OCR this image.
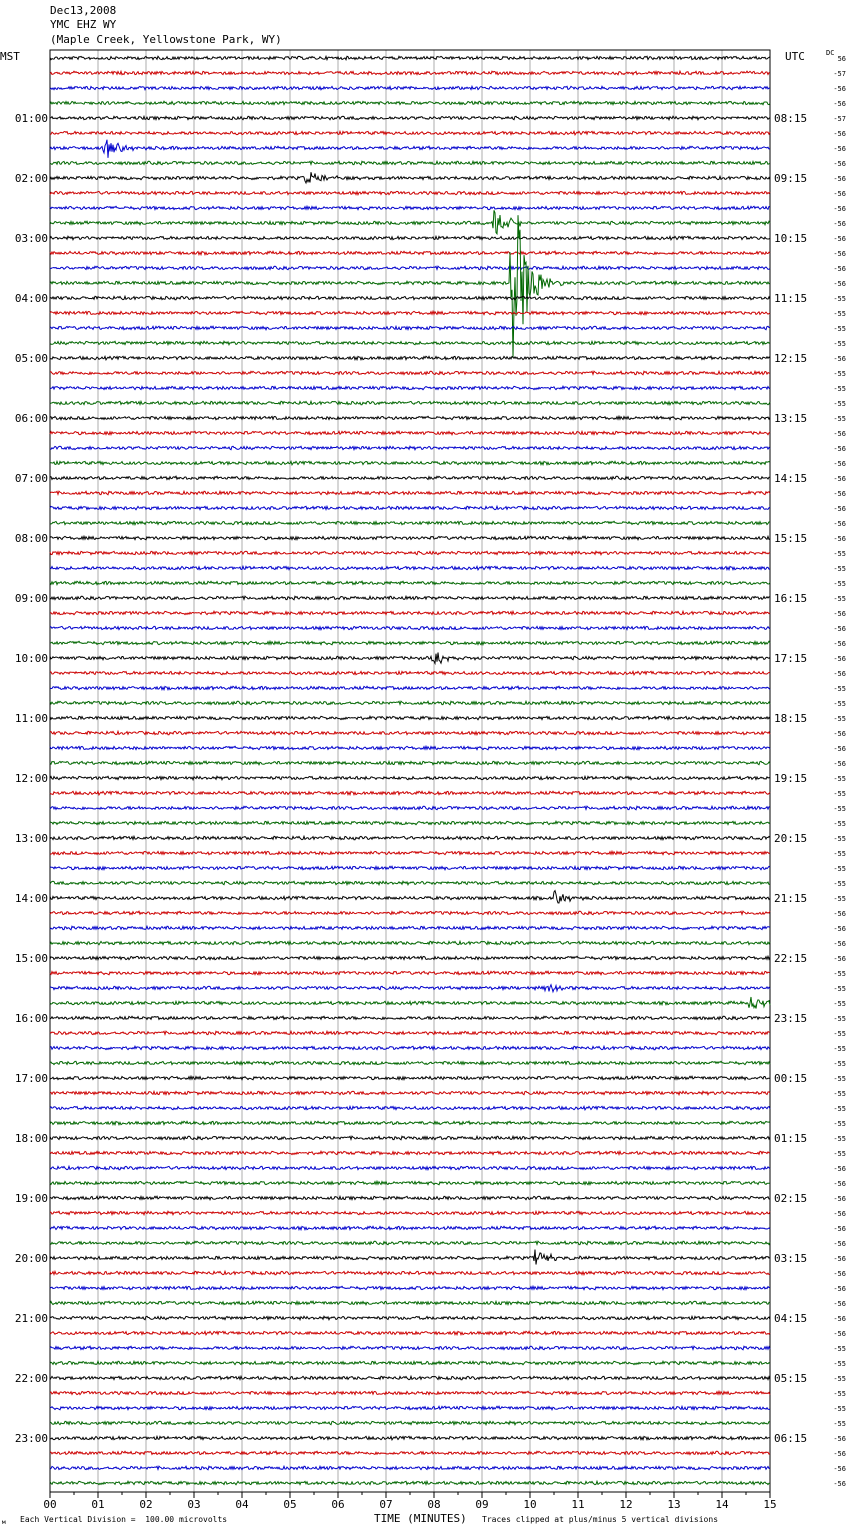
Dec13,2008
YMC EHZ WY
(Maple Creek, Yellowstone Park, WY)
00	01	02	03	04	05	06	07	08	09	10	11	12	13	14	15
56
-57
-56
-56
-57
-56
-56
-56
-56
-56
-56
-56
-56
-56
-56
-56
-55
-55
-55
-55
-56
-55
-55
-55
-55
-56
-56
-56
-56
-56
-56
-56
-56
-55
-55
-55
-55
-56
-56
-56
-56
-56
-55
-55
-55
-56
-56
-56
-55
-55
-55
-55
-55
-55
-55
-55
-55
-56
-56
-56
-56
-55
-55
-55
-55
-55
-55
-55
-55
-55
-55
-55
-55
-55
-56
-56
-56
-56
-56
-56
-56
-56
-56
-56
-56
-56
-55
-55
-55
-55
-55
-55
-56
-56
-56
-56
01:00	08:15
02:00	09:15
03:00	10:15
04:00	11:15
05:00	12:15
06:00	13:15
07:00	14:15
08:00	15:15
09:00	16:15
10:00	17:15
11:00	18:15
12:00	19:15
13:00	20:15
14:00	21:15
15:00	22:15
16:00	23:15
17:00	00:15
18:00	01:15
19:00	02:15
20:00	03:15
21:00	04:15
22:00	05:15
23:00	06:15
MST	UTC	DC
м Each Vertical Division =  100.00 microvolts	TIME (MINUTES) Traces clipped at plus/minus 5 vertical divisions
